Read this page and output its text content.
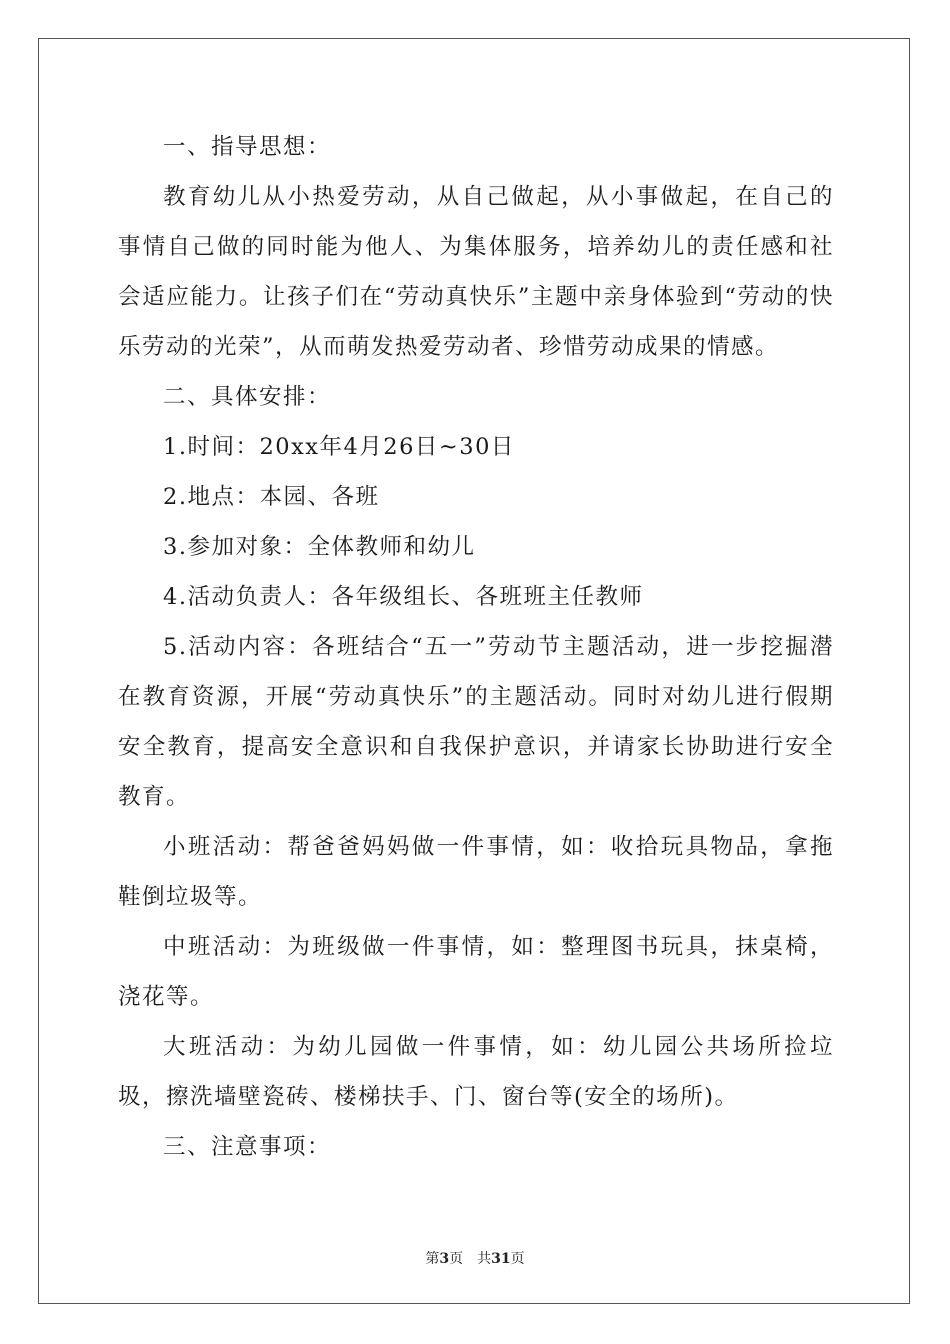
一、指导思想：

教育幼儿从小热爱劳动，从自己做起，从小事做起，在自己的事情自己做的同时能为他人、为集体服务，培养幼儿的责任感和社会适应能力。让孩子们在“劳动真快乐”主题中亲身体验到“劳动的快乐劳动的光荣”，从而萌发热爱劳动者、珍惜劳动成果的情感。

二、具体安排：

1.时间：20xx年4月26日~30日

2.地点：本园、各班

3.参加对象：全体教师和幼儿

4.活动负责人：各年级组长、各班班主任教师

5.活动内容：各班结合“五一”劳动节主题活动，进一步挖掘潜在教育资源，开展“劳动真快乐”的主题活动。同时对幼儿进行假期安全教育，提高安全意识和自我保护意识，并请家长协助进行安全教育。

小班活动：帮爸爸妈妈做一件事情，如：收拾玩具物品，拿拖鞋倒垃圾等。

中班活动：为班级做一件事情，如：整理图书玩具，抹桌椅，浇花等。

大班活动：为幼儿园做一件事情，如：幼儿园公共场所捡垃圾，擦洗墙壁瓷砖、楼梯扶手、门、窗台等(安全的场所)。

三、注意事项：

第3页 共31页
